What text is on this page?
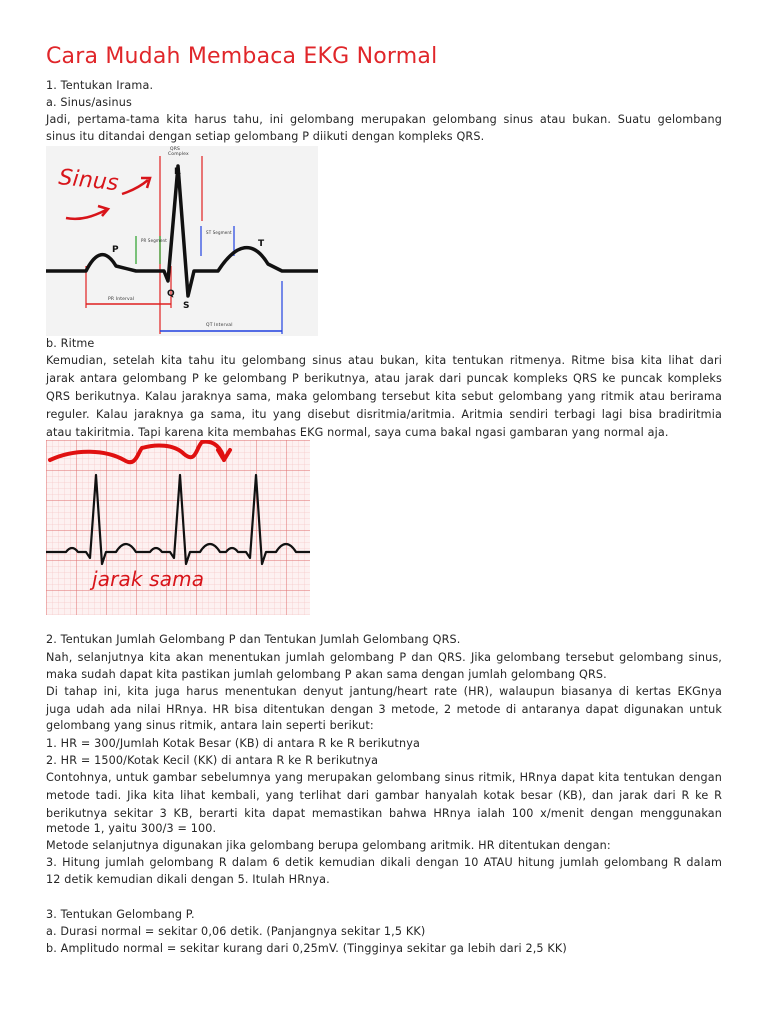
Cara Mudah Membaca EKG Normal
1. Tentukan Irama.
a. Sinus/asinus
Jadi, pertama-tama kita harus tahu, ini gelombang merupakan gelombang sinus atau bukan. Suatu gelombang
sinus itu ditandai dengan setiap gelombang P diikuti dengan kompleks QRS.
PR Interval
QT Interval
PR Segment
ST Segment
QRS
Complex
P
R
Q
S
T
Sinus
b. Ritme
Kemudian, setelah kita tahu itu gelombang sinus atau bukan, kita tentukan ritmenya. Ritme bisa kita lihat dari
jarak antara gelombang P ke gelombang P berikutnya, atau jarak dari puncak kompleks QRS ke puncak kompleks
QRS berikutnya. Kalau jaraknya sama, maka gelombang tersebut kita sebut gelombang yang ritmik atau berirama
reguler. Kalau jaraknya ga sama, itu yang disebut disritmia/aritmia. Aritmia sendiri terbagi lagi bisa bradiritmia
atau takiritmia. Tapi karena kita membahas EKG normal, saya cuma bakal ngasi gambaran yang normal aja.
jarak sama
2. Tentukan Jumlah Gelombang P dan Tentukan Jumlah Gelombang QRS.
Nah, selanjutnya kita akan menentukan jumlah gelombang P dan QRS. Jika gelombang tersebut gelombang sinus,
maka sudah dapat kita pastikan jumlah gelombang P akan sama dengan jumlah gelombang QRS.
Di tahap ini, kita juga harus menentukan denyut jantung/heart rate (HR), walaupun biasanya di kertas EKGnya
juga udah ada nilai HRnya. HR bisa ditentukan dengan 3 metode, 2 metode di antaranya dapat digunakan untuk
gelombang yang sinus ritmik, antara lain seperti berikut:
1. HR = 300/Jumlah Kotak Besar (KB) di antara R ke R berikutnya
2. HR = 1500/Kotak Kecil (KK) di antara R ke R berikutnya
Contohnya, untuk gambar sebelumnya yang merupakan gelombang sinus ritmik, HRnya dapat kita tentukan dengan
metode tadi. Jika kita lihat kembali, yang terlihat dari gambar hanyalah kotak besar (KB), dan jarak dari R ke R
berikutnya sekitar 3 KB, berarti kita dapat memastikan bahwa HRnya ialah 100 x/menit dengan menggunakan
metode 1, yaitu 300/3 = 100.
Metode selanjutnya digunakan jika gelombang berupa gelombang aritmik. HR ditentukan dengan:
3. Hitung jumlah gelombang R dalam 6 detik kemudian dikali dengan 10 ATAU hitung jumlah gelombang R dalam
12 detik kemudian dikali dengan 5. Itulah HRnya.
3. Tentukan Gelombang P.
a. Durasi normal = sekitar 0,06 detik. (Panjangnya sekitar 1,5 KK)
b. Amplitudo normal = sekitar kurang dari 0,25mV. (Tingginya sekitar ga lebih dari 2,5 KK)
